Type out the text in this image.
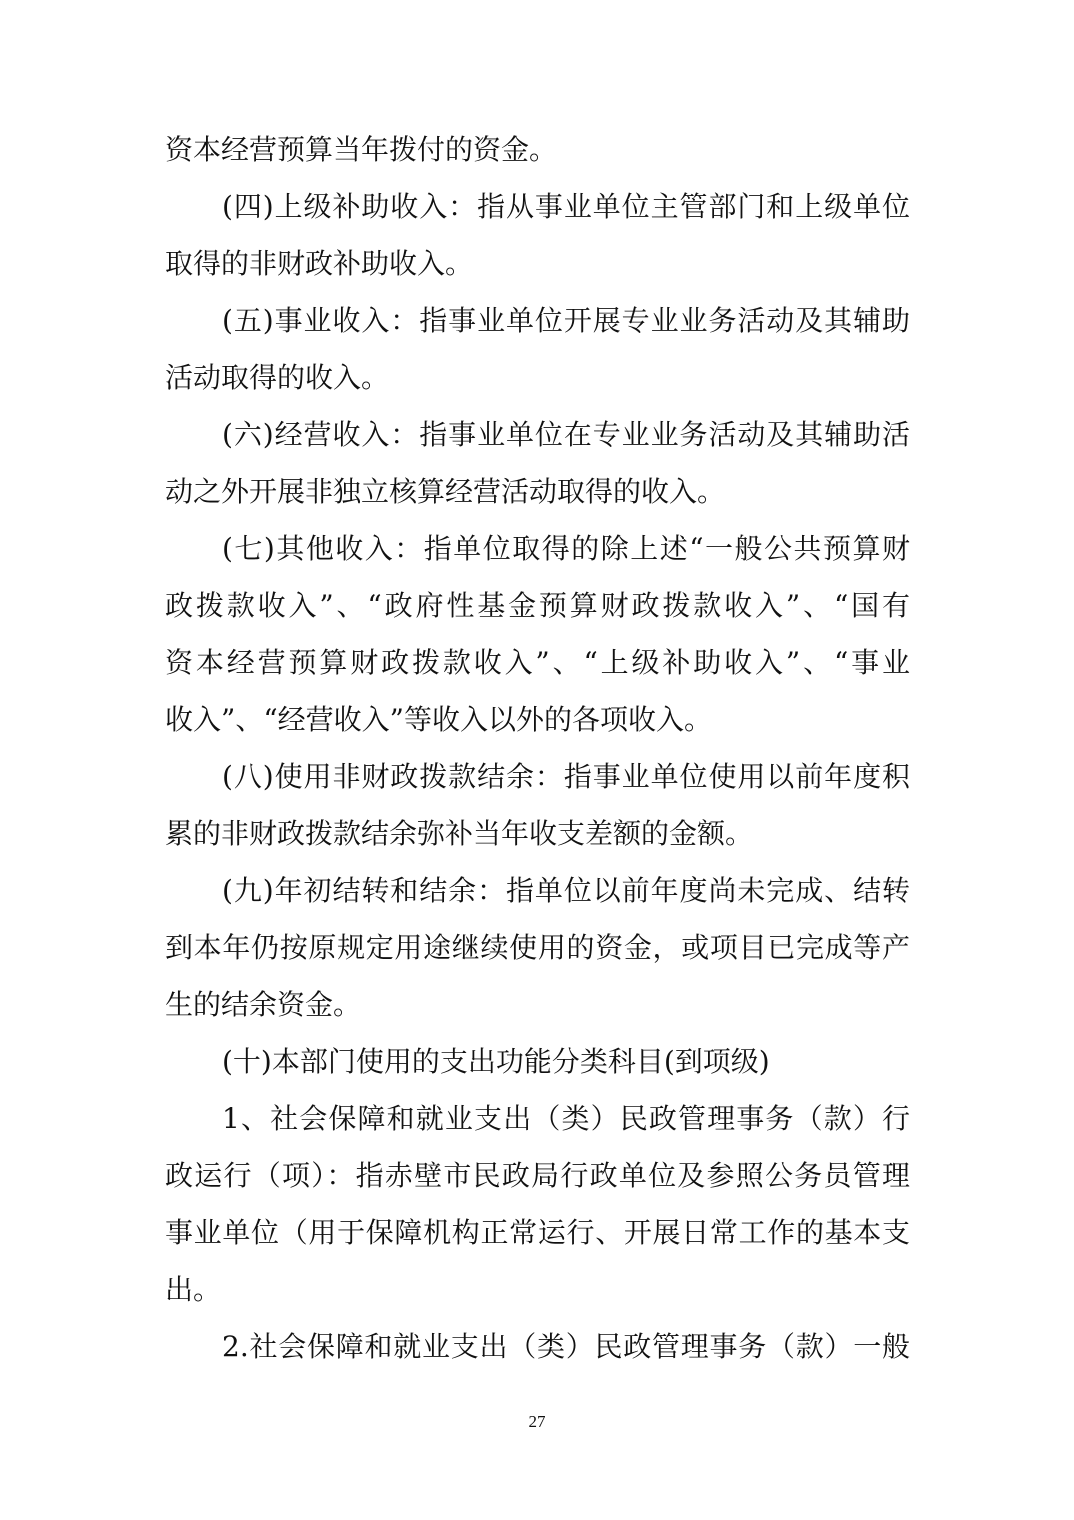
资本经营预算当年拨付的资金。
(四)上级补助收入：指从事业单位主管部门和上级单位
取得的非财政补助收入。
(五)事业收入：指事业单位开展专业业务活动及其辅助
活动取得的收入。
(六)经营收入：指事业单位在专业业务活动及其辅助活
动之外开展非独立核算经营活动取得的收入。
(七)其他收入：指单位取得的除上述“一般公共预算财
政拨款收入”、“政府性基金预算财政拨款收入”、“国有
资本经营预算财政拨款收入”、“上级补助收入”、“事业
收入”、“经营收入”等收入以外的各项收入。
(八)使用非财政拨款结余：指事业单位使用以前年度积
累的非财政拨款结余弥补当年收支差额的金额。
(九)年初结转和结余：指单位以前年度尚未完成、结转
到本年仍按原规定用途继续使用的资金，或项目已完成等产
生的结余资金。
(十)本部门使用的支出功能分类科目(到项级)
1、社会保障和就业支出（类）民政管理事务（款）行
政运行（项）：指赤壁市民政局行政单位及参照公务员管理
事业单位（用于保障机构正常运行、开展日常工作的基本支
出。
2.社会保障和就业支出（类）民政管理事务（款）一般
27
